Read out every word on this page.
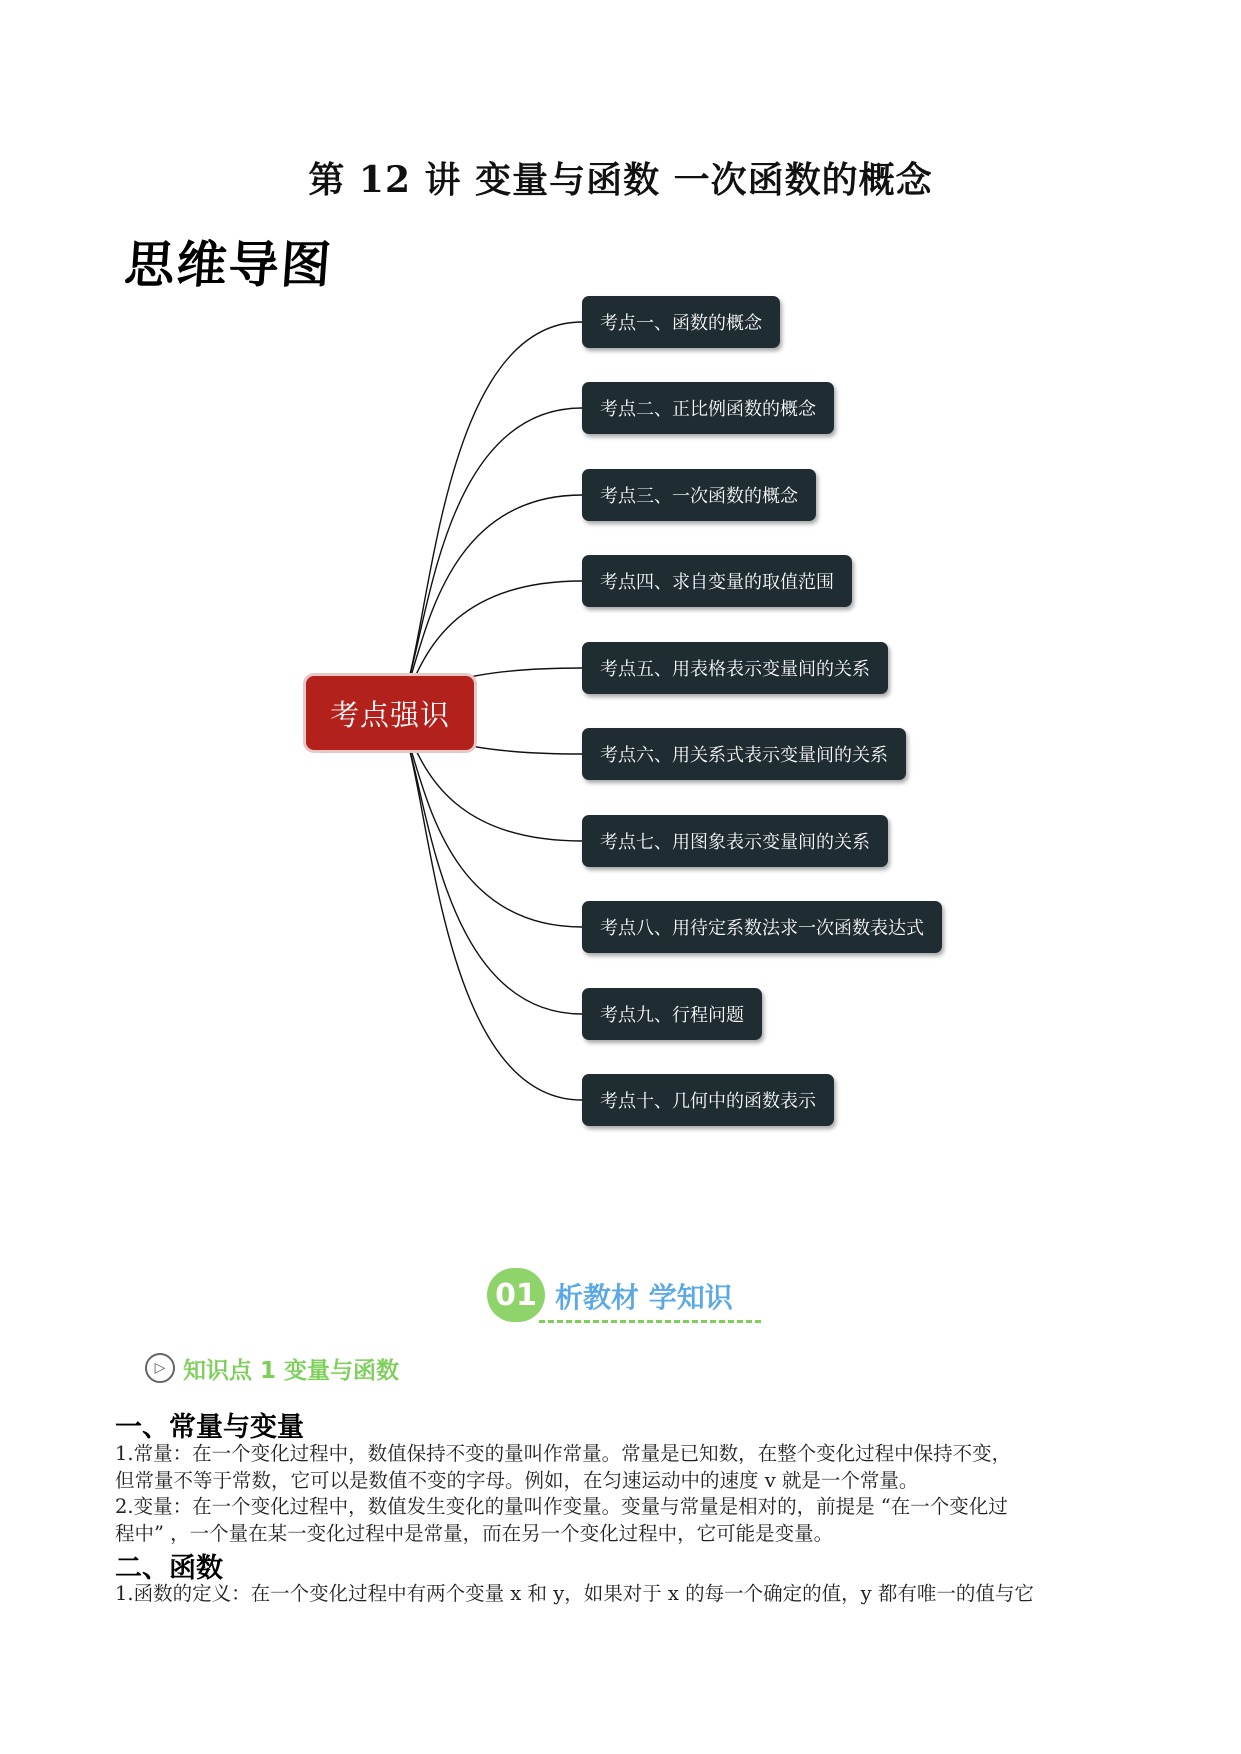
第 12 讲 变量与函数 一次函数的概念
思维导图
考点强识
考点一、函数的概念
考点二、正比例函数的概念
考点三、一次函数的概念
考点四、求自变量的取值范围
考点五、用表格表示变量间的关系
考点六、用关系式表示变量间的关系
考点七、用图象表示变量间的关系
考点八、用待定系数法求一次函数表达式
考点九、行程问题
考点十、几何中的函数表示
01 析教材 学知识
▷ 知识点 1 变量与函数
一、常量与变量
1.常量：在一个变化过程中，数值保持不变的量叫作常量。常量是已知数，在整个变化过程中保持不变，
但常量不等于常数，它可以是数值不变的字母。例如，在匀速运动中的速度 v 就是一个常量。
2.变量：在一个变化过程中，数值发生变化的量叫作变量。变量与常量是相对的，前提是 “在一个变化过
程中” ，一个量在某一变化过程中是常量，而在另一个变化过程中，它可能是变量。
二、函数
1.函数的定义：在一个变化过程中有两个变量 x 和 y，如果对于 x 的每一个确定的值，y 都有唯一的值与它
